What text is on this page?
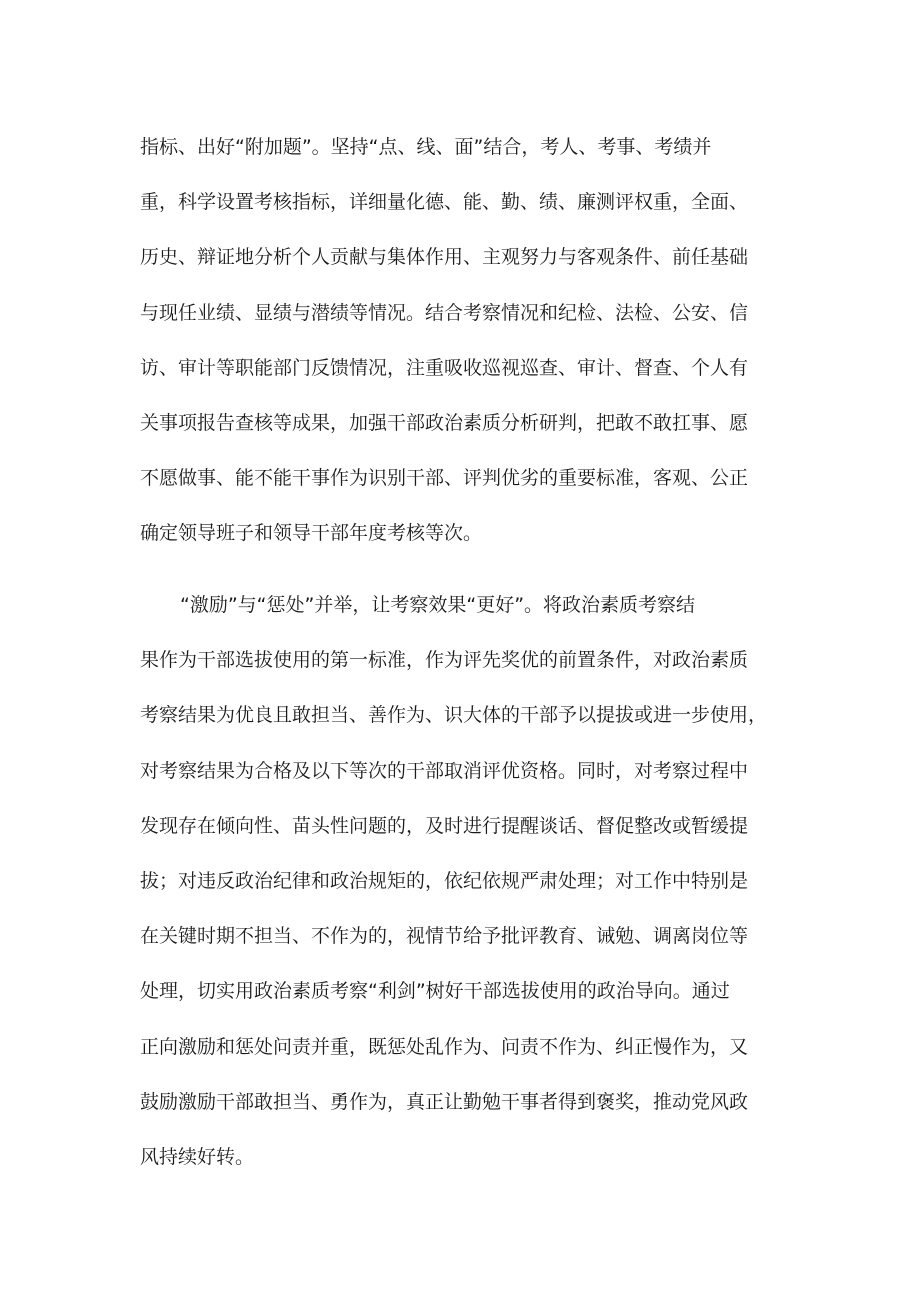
指标、出好“附加题”。坚持“点、线、面”结合，考人、考事、考绩并
重，科学设置考核指标，详细量化德、能、勤、绩、廉测评权重，全面、
历史、辩证地分析个人贡献与集体作用、主观努力与客观条件、前任基础
与现任业绩、显绩与潜绩等情况。结合考察情况和纪检、法检、公安、信
访、审计等职能部门反馈情况，注重吸收巡视巡查、审计、督查、个人有
关事项报告查核等成果，加强干部政治素质分析研判，把敢不敢扛事、愿
不愿做事、能不能干事作为识别干部、评判优劣的重要标准，客观、公正
确定领导班子和领导干部年度考核等次。
“激励”与“惩处”并举，让考察效果“更好”。将政治素质考察结
果作为干部选拔使用的第一标准，作为评先奖优的前置条件，对政治素质
考察结果为优良且敢担当、善作为、识大体的干部予以提拔或进一步使用，
对考察结果为合格及以下等次的干部取消评优资格。同时，对考察过程中
发现存在倾向性、苗头性问题的，及时进行提醒谈话、督促整改或暂缓提
拔；对违反政治纪律和政治规矩的，依纪依规严肃处理；对工作中特别是
在关键时期不担当、不作为的，视情节给予批评教育、诫勉、调离岗位等
处理，切实用政治素质考察“利剑”树好干部选拔使用的政治导向。通过
正向激励和惩处问责并重，既惩处乱作为、问责不作为、纠正慢作为，又
鼓励激励干部敢担当、勇作为，真正让勤勉干事者得到褒奖，推动党风政
风持续好转。
